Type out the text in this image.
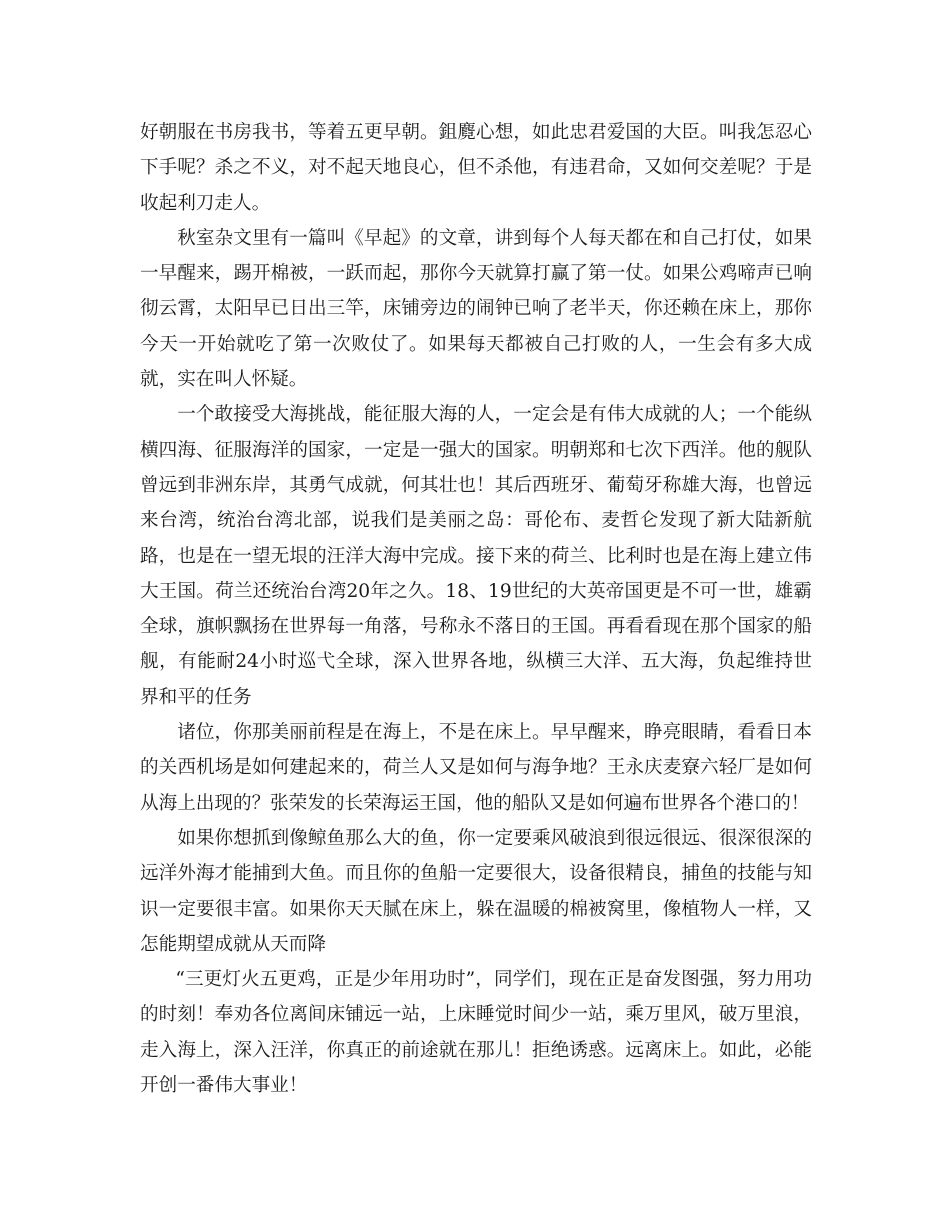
好朝服在书房我书，等着五更早朝。鉏麑心想，如此忠君爱国的大臣。叫我怎忍心下手呢？杀之不义，对不起天地良心，但不杀他，有违君命，又如何交差呢？于是收起利刀走人。

秋室杂文里有一篇叫《早起》的文章，讲到每个人每天都在和自己打仗，如果一早醒来，踢开棉被，一跃而起，那你今天就算打赢了第一仗。如果公鸡啼声已响彻云霄，太阳早已日出三竿，床铺旁边的闹钟已响了老半天，你还赖在床上，那你今天一开始就吃了第一次败仗了。如果每天都被自己打败的人，一生会有多大成就，实在叫人怀疑。

一个敢接受大海挑战，能征服大海的人，一定会是有伟大成就的人；一个能纵横四海、征服海洋的国家，一定是一强大的国家。明朝郑和七次下西洋。他的舰队曾远到非洲东岸，其勇气成就，何其壮也！其后西班牙、葡萄牙称雄大海，也曾远来台湾，统治台湾北部，说我们是美丽之岛：哥伦布、麦哲仑发现了新大陆新航路，也是在一望无垠的汪洋大海中完成。接下来的荷兰、比利时也是在海上建立伟大王国。荷兰还统治台湾20年之久。18、19世纪的大英帝国更是不可一世，雄霸全球，旗帜飘扬在世界每一角落，号称永不落日的王国。再看看现在那个国家的船舰，有能耐24小时巡弋全球，深入世界各地，纵横三大洋、五大海，负起维持世界和平的任务

诸位，你那美丽前程是在海上，不是在床上。早早醒来，睁亮眼睛，看看日本的关西机场是如何建起来的，荷兰人又是如何与海争地？王永庆麦寮六轻厂是如何从海上出现的？张荣发的长荣海运王国，他的船队又是如何遍布世界各个港口的！

如果你想抓到像鲸鱼那么大的鱼，你一定要乘风破浪到很远很远、很深很深的远洋外海才能捕到大鱼。而且你的鱼船一定要很大，设备很精良，捕鱼的技能与知识一定要很丰富。如果你天天腻在床上，躲在温暖的棉被窝里，像植物人一样，又怎能期望成就从天而降

“三更灯火五更鸡，正是少年用功时”，同学们，现在正是奋发图强，努力用功的时刻！奉劝各位离间床铺远一站，上床睡觉时间少一站，乘万里风，破万里浪，走入海上，深入汪洋，你真正的前途就在那儿！拒绝诱惑。远离床上。如此，必能开创一番伟大事业！
